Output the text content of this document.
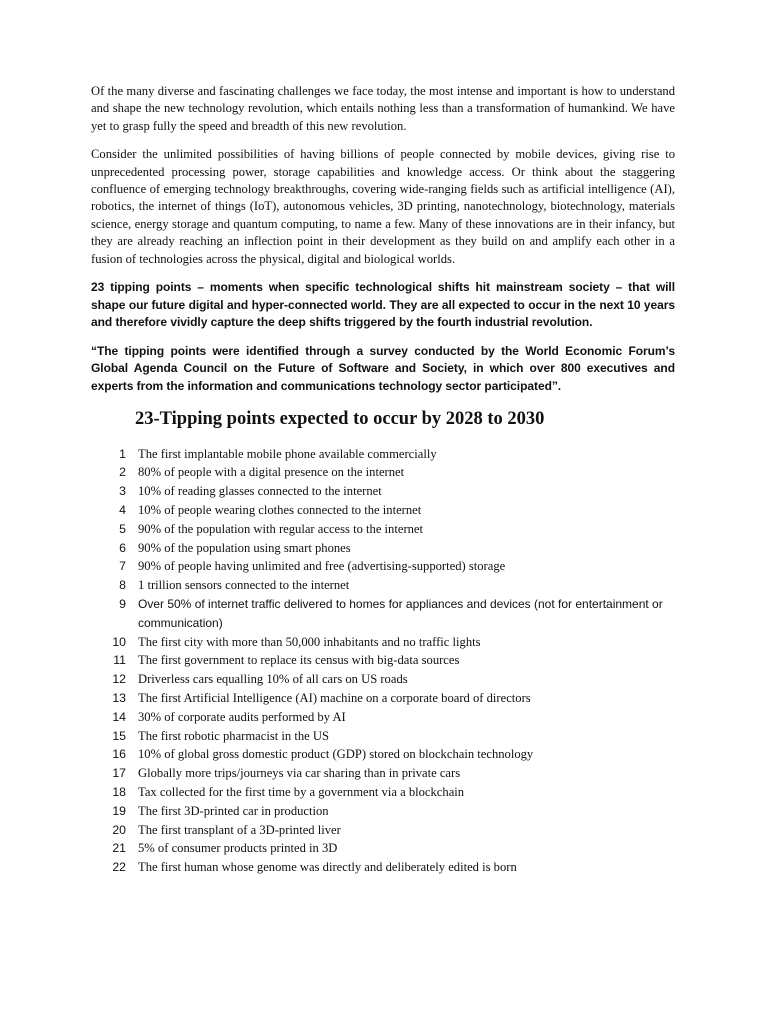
Of the many diverse and fascinating challenges we face today, the most intense and important is how to understand and shape the new technology revolution, which entails nothing less than a transformation of humankind. We have yet to grasp fully the speed and breadth of this new revolution.

Consider the unlimited possibilities of having billions of people connected by mobile devices, giving rise to unprecedented processing power, storage capabilities and knowledge access. Or think about the staggering confluence of emerging technology breakthroughs, covering wide-ranging fields such as artificial intelligence (AI), robotics, the internet of things (IoT), autonomous vehicles, 3D printing, nanotechnology, biotechnology, materials science, energy storage and quantum computing, to name a few. Many of these innovations are in their infancy, but they are already reaching an inflection point in their development as they build on and amplify each other in a fusion of technologies across the physical, digital and biological worlds.

23 tipping points – moments when specific technological shifts hit mainstream society – that will shape our future digital and hyper-connected world. They are all expected to occur in the next 10 years and therefore vividly capture the deep shifts triggered by the fourth industrial revolution.

“The tipping points were identified through a survey conducted by the World Economic Forum’s Global Agenda Council on the Future of Software and Society, in which over 800 executives and experts from the information and communications technology sector participated”.

23-Tipping points expected to occur by 2028 to 2030
1 The first implantable mobile phone available commercially
2 80% of people with a digital presence on the internet
3 10% of reading glasses connected to the internet
4 10% of people wearing clothes connected to the internet
5 90% of the population with regular access to the internet
6 90% of the population using smart phones
7 90% of people having unlimited and free (advertising-supported) storage
8 1 trillion sensors connected to the internet
9	Over 50% of internet traffic delivered to homes for appliances and devices (not for entertainment or communication)
10 The first city with more than 50,000 inhabitants and no traffic lights
11 The first government to replace its census with big-data sources
12 Driverless cars equalling 10% of all cars on US roads
13 The first Artificial Intelligence (AI) machine on a corporate board of directors
14 30% of corporate audits performed by AI
15 The first robotic pharmacist in the US
16 10% of global gross domestic product (GDP) stored on blockchain technology
17 Globally more trips/journeys via car sharing than in private cars
18 Tax collected for the first time by a government via a blockchain
19 The first 3D-printed car in production
20 The first transplant of a 3D-printed liver
21 5% of consumer products printed in 3D
22 The first human whose genome was directly and deliberately edited is born
